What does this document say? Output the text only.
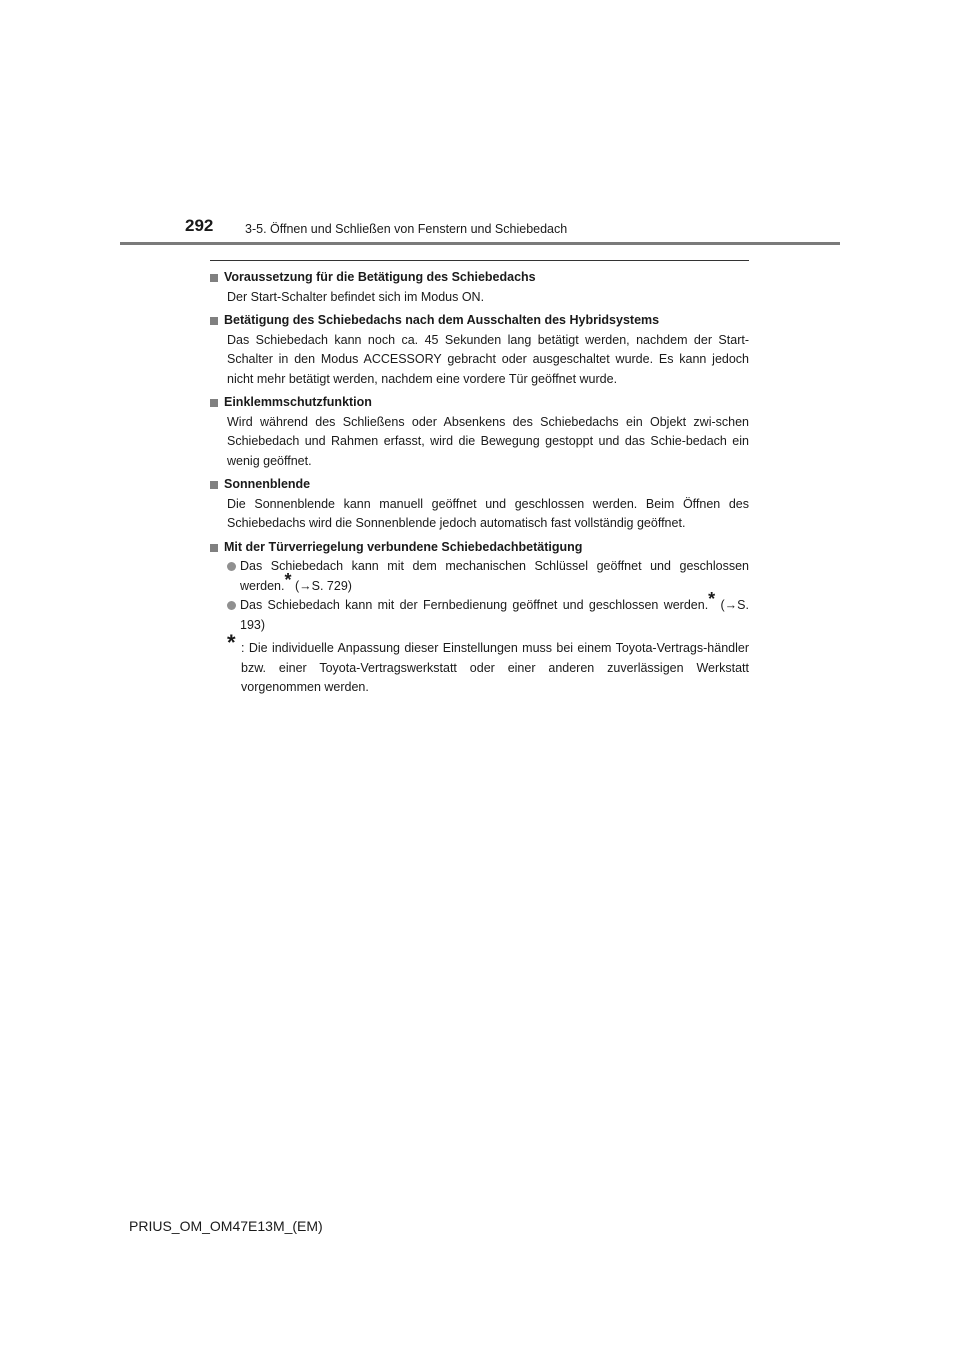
292	3-5. Öffnen und Schließen von Fenstern und Schiebedach
Voraussetzung für die Betätigung des Schiebedachs
Der Start-Schalter befindet sich im Modus ON.
Betätigung des Schiebedachs nach dem Ausschalten des Hybridsystems
Das Schiebedach kann noch ca. 45 Sekunden lang betätigt werden, nachdem der Start-Schalter in den Modus ACCESSORY gebracht oder ausgeschaltet wurde. Es kann jedoch nicht mehr betätigt werden, nachdem eine vordere Tür geöffnet wurde.
Einklemmschutzfunktion
Wird während des Schließens oder Absenkens des Schiebedachs ein Objekt zwi-schen Schiebedach und Rahmen erfasst, wird die Bewegung gestoppt und das Schie-bedach ein wenig geöffnet.
Sonnenblende
Die Sonnenblende kann manuell geöffnet und geschlossen werden. Beim Öffnen des Schiebedachs wird die Sonnenblende jedoch automatisch fast vollständig geöffnet.
Mit der Türverriegelung verbundene Schiebedachbetätigung
Das Schiebedach kann mit dem mechanischen Schlüssel geöffnet und geschlossen werden.* (→S. 729)
Das Schiebedach kann mit der Fernbedienung geöffnet und geschlossen werden.* (→S. 193)
* : Die individuelle Anpassung dieser Einstellungen muss bei einem Toyota-Vertrags-händler bzw. einer Toyota-Vertragswerkstatt oder einer anderen zuverlässigen Werkstatt vorgenommen werden.
PRIUS_OM_OM47E13M_(EM)
